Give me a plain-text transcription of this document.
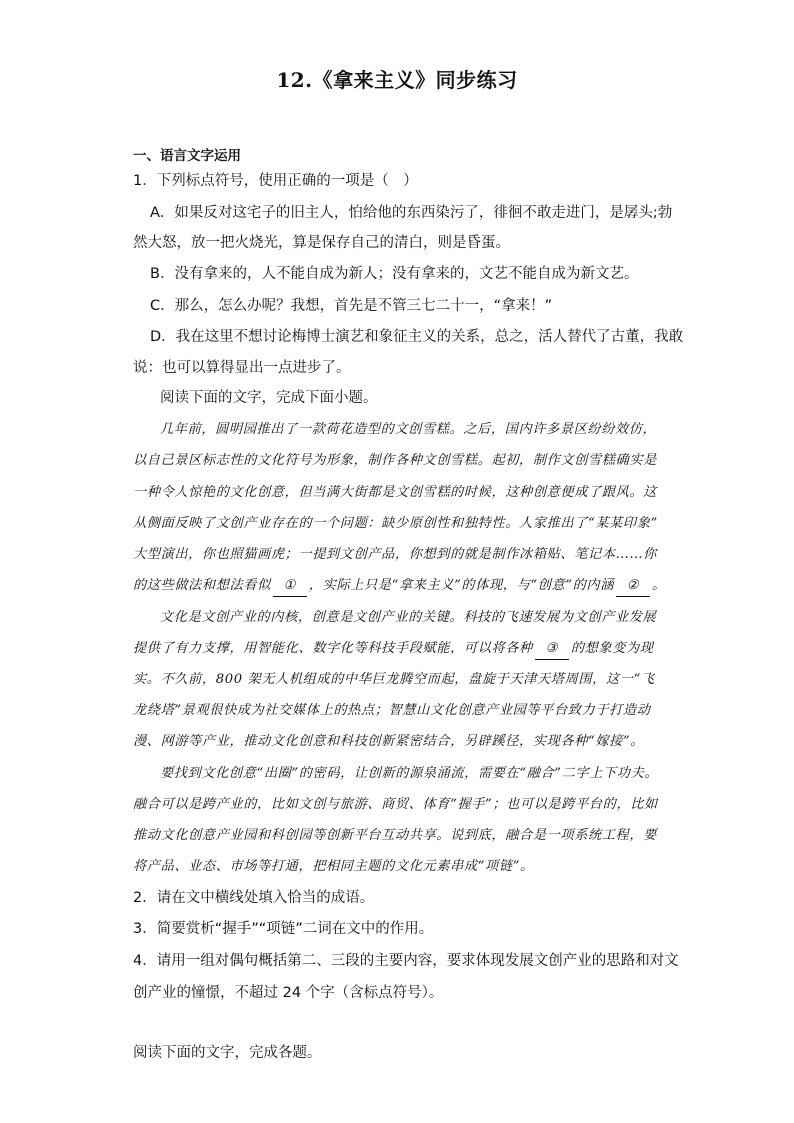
12.《拿来主义》同步练习
一、语言文字运用
1．下列标点符号，使用正确的一项是（　）
A．如果反对这宅子的旧主人，怕给他的东西染污了，徘徊不敢走进门，是孱头;勃
然大怒，放一把火烧光，算是保存自己的清白，则是昏蛋。
B．没有拿来的，人不能自成为新人；没有拿来的，文艺不能自成为新文艺。
C．那么，怎么办呢？我想，首先是不管三七二十一，“拿来！”
D．我在这里不想讨论梅博士演艺和象征主义的关系，总之，活人替代了古董，我敢
说：也可以算得显出一点进步了。
阅读下面的文字，完成下面小题。
几年前，圆明园推出了一款荷花造型的文创雪糕。之后，国内许多景区纷纷效仿，
以自己景区标志性的文化符号为形象，制作各种文创雪糕。起初，制作文创雪糕确实是
一种令人惊艳的文化创意，但当满大街都是文创雪糕的时候，这种创意便成了跟风。这
从侧面反映了文创产业存在的一个问题：缺少原创性和独特性。人家推出了“某某印象”
大型演出，你也照猫画虎；一提到文创产品，你想到的就是制作冰箱贴、笔记本……你
的这些做法和想法看似 ① ，实际上只是“拿来主义”的体现，与“创意”的内涵 ② 。
文化是文创产业的内核，创意是文创产业的关键。科技的飞速发展为文创产业发展
提供了有力支撑，用智能化、数字化等科技手段赋能，可以将各种 ③ 的想象变为现
实。不久前，800 架无人机组成的中华巨龙腾空而起，盘旋于天津天塔周围，这一“飞
龙绕塔”景观很快成为社交媒体上的热点；智慧山文化创意产业园等平台致力于打造动
漫、网游等产业，推动文化创意和科技创新紧密结合，另辟蹊径，实现各种“嫁接”。
要找到文化创意“出圈”的密码，让创新的源泉涌流，需要在“融合”二字上下功夫。
融合可以是跨产业的，比如文创与旅游、商贸、体育“握手”；也可以是跨平台的，比如
推动文化创意产业园和科创园等创新平台互动共享。说到底，融合是一项系统工程，要
将产品、业态、市场等打通，把相同主题的文化元素串成“项链”。
2．请在文中横线处填入恰当的成语。
3．简要赏析“握手”“项链”二词在文中的作用。
4．请用一组对偶句概括第二、三段的主要内容，要求体现发展文创产业的思路和对文
创产业的憧憬，不超过 24 个字（含标点符号）。
阅读下面的文字，完成各题。
